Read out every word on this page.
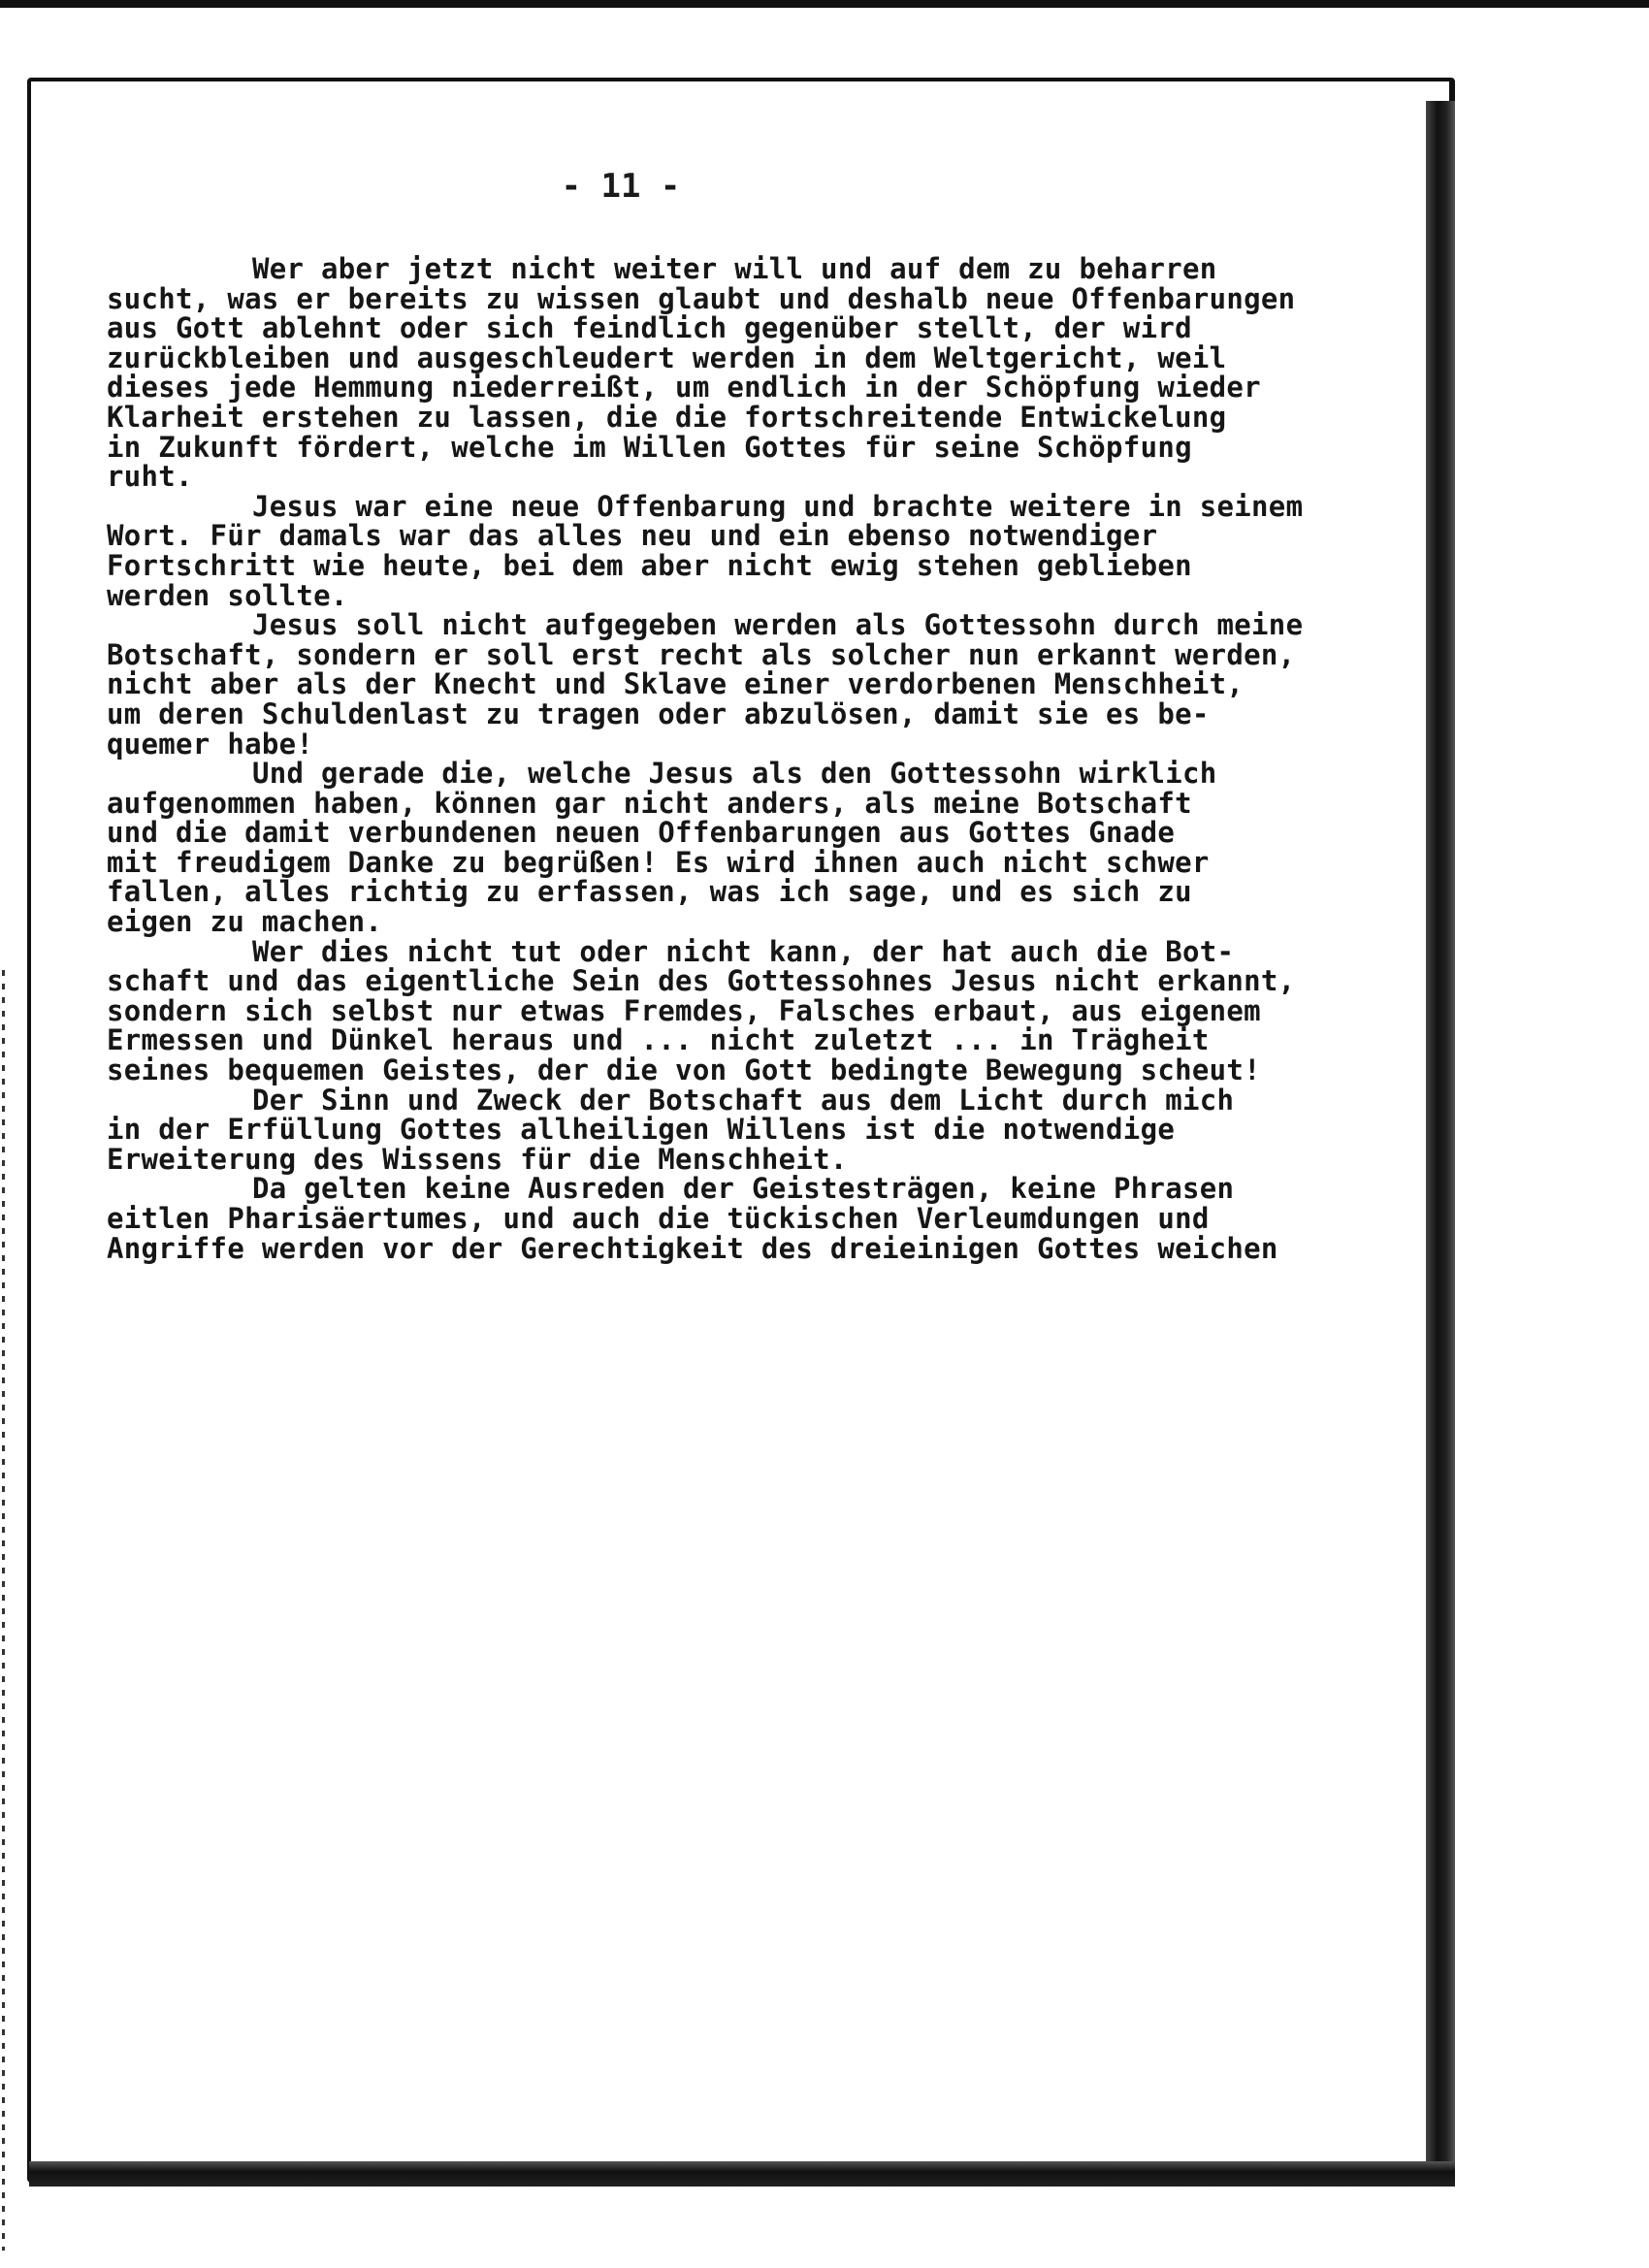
- 11 -
Wer aber jetzt nicht weiter will und auf dem zu beharren
sucht, was er bereits zu wissen glaubt und deshalb neue Offenbarungen
aus Gott ablehnt oder sich feindlich gegenüber stellt, der wird
zurückbleiben und ausgeschleudert werden in dem Weltgericht, weil
dieses jede Hemmung niederreißt, um endlich in der Schöpfung wieder
Klarheit erstehen zu lassen, die die fortschreitende Entwickelung
in Zukunft fördert, welche im Willen Gottes für seine Schöpfung
ruht.
Jesus war eine neue Offenbarung und brachte weitere in seinem
Wort. Für damals war das alles neu und ein ebenso notwendiger
Fortschritt wie heute, bei dem aber nicht ewig stehen geblieben
werden sollte.
Jesus soll nicht aufgegeben werden als Gottessohn durch meine
Botschaft, sondern er soll erst recht als solcher nun erkannt werden,
nicht aber als der Knecht und Sklave einer verdorbenen Menschheit,
um deren Schuldenlast zu tragen oder abzulösen, damit sie es be-
quemer habe!
Und gerade die, welche Jesus als den Gottessohn wirklich
aufgenommen haben, können gar nicht anders, als meine Botschaft
und die damit verbundenen neuen Offenbarungen aus Gottes Gnade
mit freudigem Danke zu begrüßen! Es wird ihnen auch nicht schwer
fallen, alles richtig zu erfassen, was ich sage, und es sich zu
eigen zu machen.
Wer dies nicht tut oder nicht kann, der hat auch die Bot-
schaft und das eigentliche Sein des Gottessohnes Jesus nicht erkannt,
sondern sich selbst nur etwas Fremdes, Falsches erbaut, aus eigenem
Ermessen und Dünkel heraus und ... nicht zuletzt ... in Trägheit
seines bequemen Geistes, der die von Gott bedingte Bewegung scheut!
Der Sinn und Zweck der Botschaft aus dem Licht durch mich
in der Erfüllung Gottes allheiligen Willens ist die notwendige
Erweiterung des Wissens für die Menschheit.
Da gelten keine Ausreden der Geistesträgen, keine Phrasen
eitlen Pharisäertumes, und auch die tückischen Verleumdungen und
Angriffe werden vor der Gerechtigkeit des dreieinigen Gottes weichen
